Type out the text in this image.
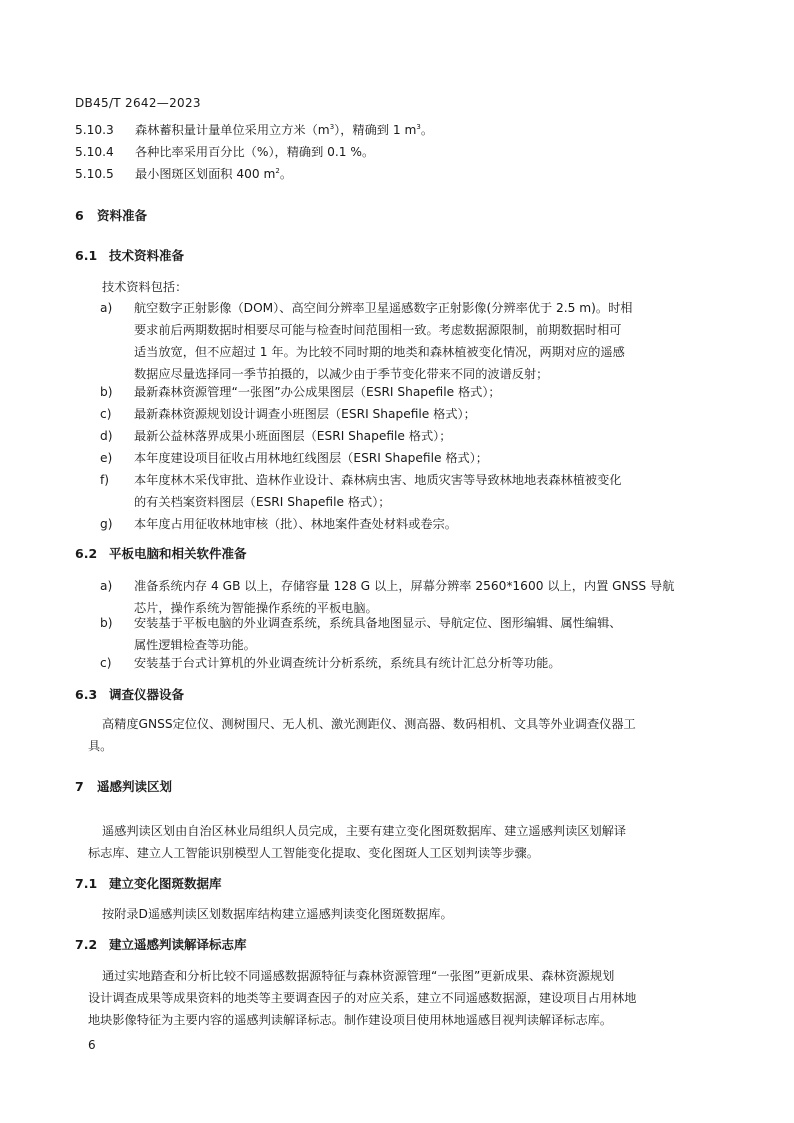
DB45/T 2642—2023
5.10.3 森林蓄积量计量单位采用立方米$(m^3)$，精确到 1 $m^3$。
5.10.4 各种比率采用百分比（%），精确到 0.1 %。
5.10.5 最小图斑区划面积 400 $m^2$。
6 资料准备
6.1 技术资料准备
技术资料包括：
a) 航空数字正射影像（DOM）、高空间分辨率卫星遥感数字正射影像(分辨率优于 2.5 m)。时相
要求前后两期数据时相要尽可能与检查时间范围相一致。考虑数据源限制，前期数据时相可
适当放宽，但不应超过 1 年。为比较不同时期的地类和森林植被变化情况，两期对应的遥感
数据应尽量选择同一季节拍摄的，以减少由于季节变化带来不同的波谱反射；
b) 最新森林资源管理“一张图”办公成果图层（ESRI Shapefile 格式）；
c) 最新森林资源规划设计调查小班图层（ESRI Shapefile 格式）；
d) 最新公益林落界成果小班面图层（ESRI Shapefile 格式）；
e) 本年度建设项目征收占用林地红线图层（ESRI Shapefile 格式）；
f) 本年度林木采伐审批、造林作业设计、森林病虫害、地质灾害等导致林地地表森林植被变化
的有关档案资料图层（ESRI Shapefile 格式）；
g) 本年度占用征收林地审核（批）、林地案件查处材料或卷宗。
6.2 平板电脑和相关软件准备
a) 准备系统内存 4 GB 以上，存储容量 128 G 以上，屏幕分辨率 2560*1600 以上，内置 GNSS 导航
芯片，操作系统为智能操作系统的平板电脑。
b) 安装基于平板电脑的外业调查系统，系统具备地图显示、导航定位、图形编辑、属性编辑、
属性逻辑检查等功能。
c) 安装基于台式计算机的外业调查统计分析系统，系统具有统计汇总分析等功能。
6.3 调查仪器设备
高精度GNSS定位仪、测树围尺、无人机、激光测距仪、测高器、数码相机、文具等外业调查仪器工
具。
7 遥感判读区划
遥感判读区划由自治区林业局组织人员完成，主要有建立变化图斑数据库、建立遥感判读区划解译
标志库、建立人工智能识别模型人工智能变化提取、变化图斑人工区划判读等步骤。
7.1 建立变化图斑数据库
按附录D遥感判读区划数据库结构建立遥感判读变化图斑数据库。
7.2 建立遥感判读解译标志库
通过实地踏查和分析比较不同遥感数据源特征与森林资源管理“一张图”更新成果、森林资源规划
设计调查成果等成果资料的地类等主要调查因子的对应关系，建立不同遥感数据源，建设项目占用林地
地块影像特征为主要内容的遥感判读解译标志。制作建设项目使用林地遥感目视判读解译标志库。
6
